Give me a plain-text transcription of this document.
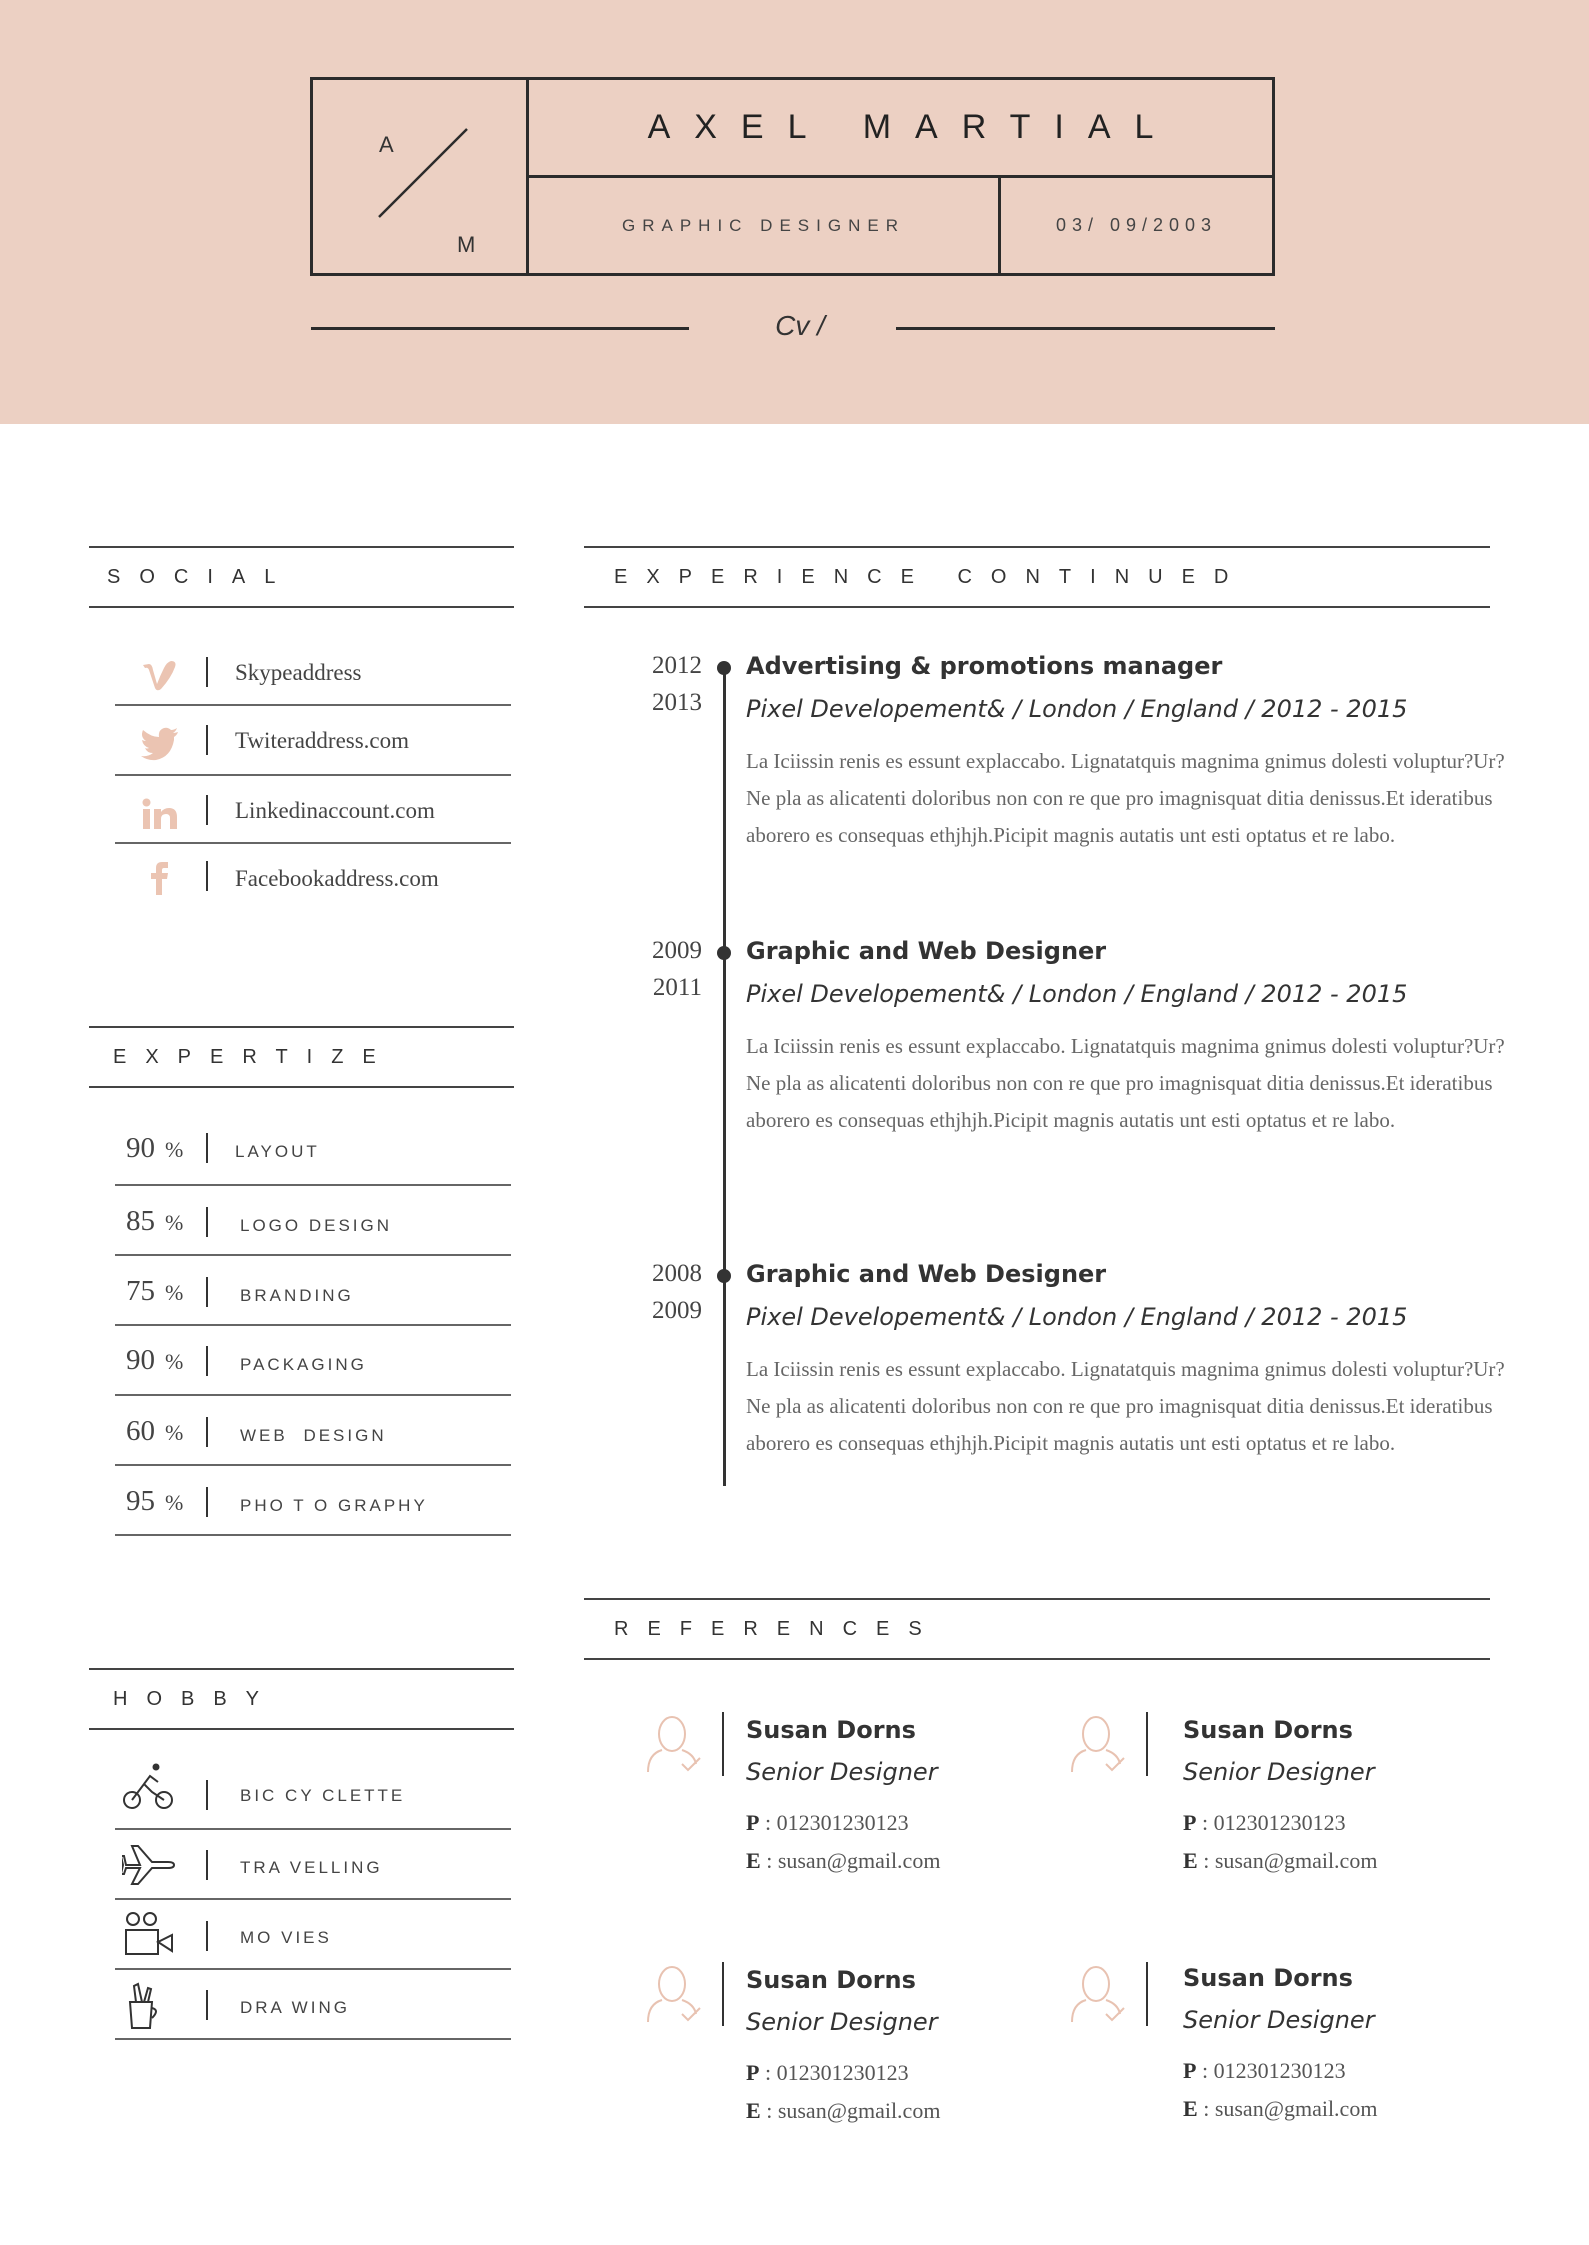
A
M
AXEL MARTIAL
GRAPHIC DESIGNER	03/ 09/2003
Cv /
SOCIAL
Skypeaddress
Twiteraddress.com
Linkedinaccount.com
Facebookaddress.com
EXPERTIZE
90 %	LAYOUT
85 %	LOGO DESIGN
75 %	BRANDING
90 %	PACKAGING
60 %	WEB DESIGN
95 %	PHO T O GRAPHY
HOBBY
BIC CY CLETTE
TRA VELLING
MO VIES
DRA WING
EXPERIENCE CONTINUED
2012
2013
Advertising & promotions manager
Pixel Developement& / London / England / 2012 - 2015

La Iciissin renis es essunt explaccabo. Lignatatquis magnima gnimus dolesti voluptur?Ur? Ne pla as alicatenti doloribus non con re que pro imagnisquat ditia denissus.Et ideratibus aborero es consequas ethjhjh.Picipit magnis autatis unt esti optatus et re labo.

2009
2011
Graphic and Web Designer
Pixel Developement& / London / England / 2012 - 2015

La Iciissin renis es essunt explaccabo. Lignatatquis magnima gnimus dolesti voluptur?Ur? Ne pla as alicatenti doloribus non con re que pro imagnisquat ditia denissus.Et ideratibus aborero es consequas ethjhjh.Picipit magnis autatis unt esti optatus et re labo.

2008
2009
Graphic and Web Designer
Pixel Developement& / London / England / 2012 - 2015

La Iciissin renis es essunt explaccabo. Lignatatquis magnima gnimus dolesti voluptur?Ur? Ne pla as alicatenti doloribus non con re que pro imagnisquat ditia denissus.Et ideratibus aborero es consequas ethjhjh.Picipit magnis autatis unt esti optatus et re labo.

REFERENCES
Susan Dorns
Senior Designer
P : 012301230123
E : susan@gmail.com
Susan Dorns
Senior Designer
P : 012301230123
E : susan@gmail.com
Susan Dorns
Senior Designer
P : 012301230123
E : susan@gmail.com
Susan Dorns
Senior Designer
P : 012301230123
E : susan@gmail.com
